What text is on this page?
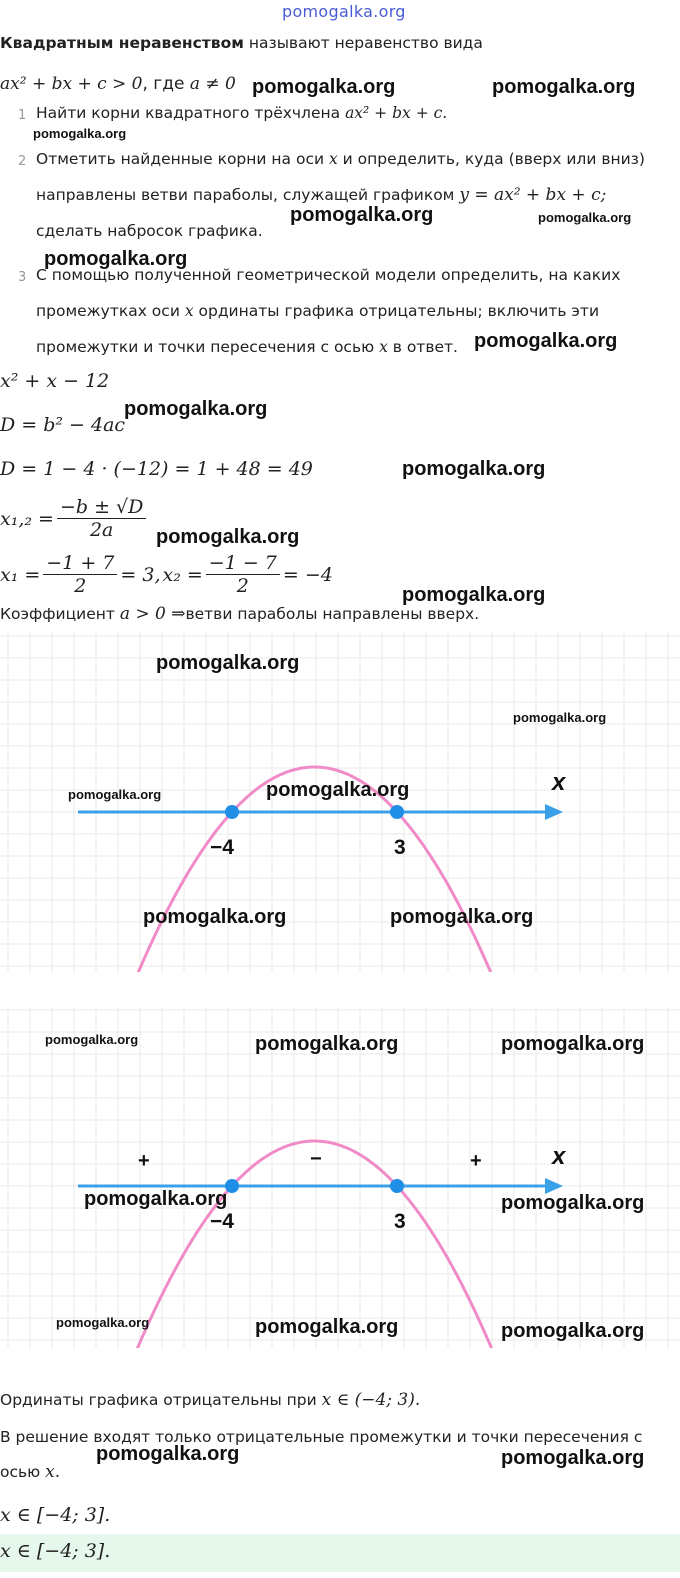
pomogalka.org
Квадратным неравенством называют неравенство вида
ax² + bx + c > 0, где a ≠ 0
1 Найти корни квадратного трёхчлена ax² + bx + c.
2 Отметить найденные корни на оси x и определить, куда (вверх или вниз)
направлены ветви параболы, служащей графиком y = ax² + bx + c;
сделать набросок графика.
3 С помощью полученной геометрической модели определить, на каких
промежутках оси x ординаты графика отрицательны; включить эти
промежутки и точки пересечения с осью x в ответ.
x² + x − 12
D = b² − 4ac
D = 1 − 4 · (−12) = 1 + 48 = 49
$x_1,_2 = \frac{-b \pm √D}{2a}$
$x_1 = \frac{-1 + 7}{2} = 3$, $x_2 = \frac{-1 - 7}{2} = -4$
Коэффициент a > 0 ⇒ветви параболы направлены вверх.
−4	3
x
−4	3
+	−	+	x
Ординаты графика отрицательны при x ∈ (−4; 3).
В решение входят только отрицательные промежутки и точки пересечения с
осью x.
x ∈ [−4; 3].
x ∈ [−4; 3].
pomogalka.org	pomogalka.org
pomogalka.org
pomogalka.org	pomogalka.org
pomogalka.org
pomogalka.org
pomogalka.org
pomogalka.org
pomogalka.org
pomogalka.org
pomogalka.org
pomogalka.org
pomogalka.org	pomogalka.org
pomogalka.org	pomogalka.org
pomogalka.org	pomogalka.org	pomogalka.org
pomogalka.org	pomogalka.org
pomogalka.org	pomogalka.org	pomogalka.org
pomogalka.org	pomogalka.org
